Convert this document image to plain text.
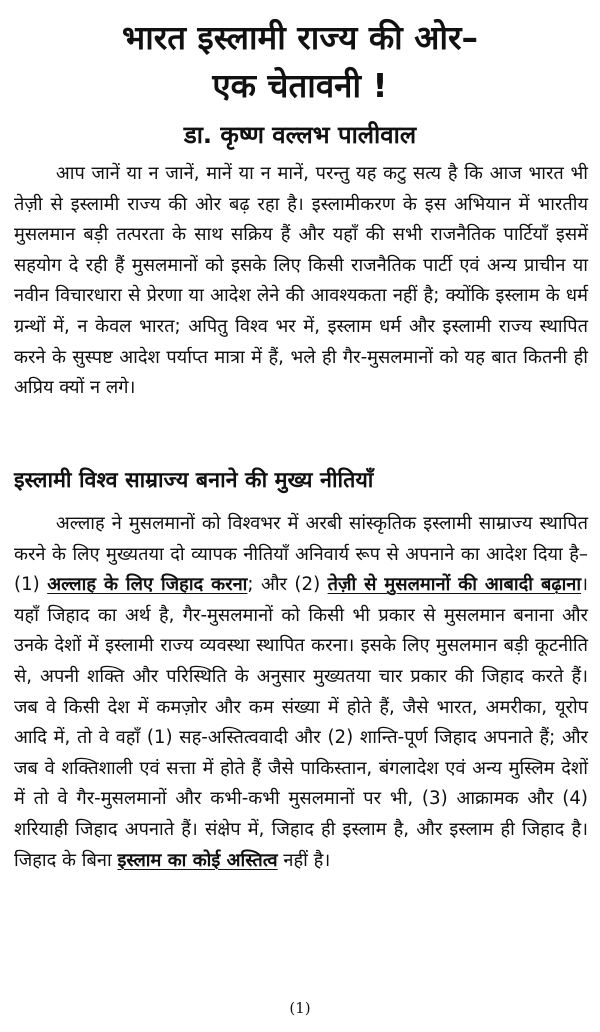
भारत इस्लामी राज्य की ओर–
एक चेतावनी !
डा. कृष्ण वल्लभ पालीवाल

आप जानें या न जानें, मानें या न मानें, परन्तु यह कटु सत्य है कि आज भारत भी तेज़ी से इस्लामी राज्य की ओर बढ़ रहा है। इस्लामीकरण के इस अभियान में भारतीय मुसलमान बड़ी तत्परता के साथ सक्रिय हैं और यहाँ की सभी राजनैतिक पार्टियाँ इसमें सहयोग दे रही हैं मुसलमानों को इसके लिए किसी राजनैतिक पार्टी एवं अन्य प्राचीन या नवीन विचारधारा से प्रेरणा या आदेश लेने की आवश्यकता नहीं है; क्योंकि इस्लाम के धर्म ग्रन्थों में, न केवल भारत; अपितु विश्व भर में, इस्लाम धर्म और इस्लामी राज्य स्थापित करने के सुस्पष्ट आदेश पर्याप्त मात्रा में हैं, भले ही गैर-मुसलमानों को यह बात कितनी ही अप्रिय क्यों न लगे।

इस्लामी विश्व साम्राज्य बनाने की मुख्य नीतियाँ

अल्लाह ने मुसलमानों को विश्वभर में अरबी सांस्कृतिक इस्लामी साम्राज्य स्थापित करने के लिए मुख्यतया दो व्यापक नीतियाँ अनिवार्य रूप से अपनाने का आदेश दिया है–(1) अल्लाह के लिए जिहाद करना; और (2) तेज़ी से मुसलमानों की आबादी बढ़ाना। यहाँ जिहाद का अर्थ है, गैर-मुसलमानों को किसी भी प्रकार से मुसलमान बनाना और उनके देशों में इस्लामी राज्य व्यवस्था स्थापित करना। इसके लिए मुसलमान बड़ी कूटनीति से, अपनी शक्ति और परिस्थिति के अनुसार मुख्यतया चार प्रकार की जिहाद करते हैं। जब वे किसी देश में कमज़ोर और कम संख्या में होते हैं, जैसे भारत, अमरीका, यूरोप आदि में, तो वे वहाँ (1) सह-अस्तित्ववादी और (2) शान्ति-पूर्ण जिहाद अपनाते हैं; और जब वे शक्तिशाली एवं सत्ता में होते हैं जैसे पाकिस्तान, बंगलादेश एवं अन्य मुस्लिम देशों में तो वे गैर-मुसलमानों और कभी-कभी मुसलमानों पर भी, (3) आक्रामक और (4) शरियाही जिहाद अपनाते हैं। संक्षेप में, जिहाद ही इस्लाम है, और इस्लाम ही जिहाद है। जिहाद के बिना इस्लाम का कोई अस्तित्व नहीं है।

(1)
